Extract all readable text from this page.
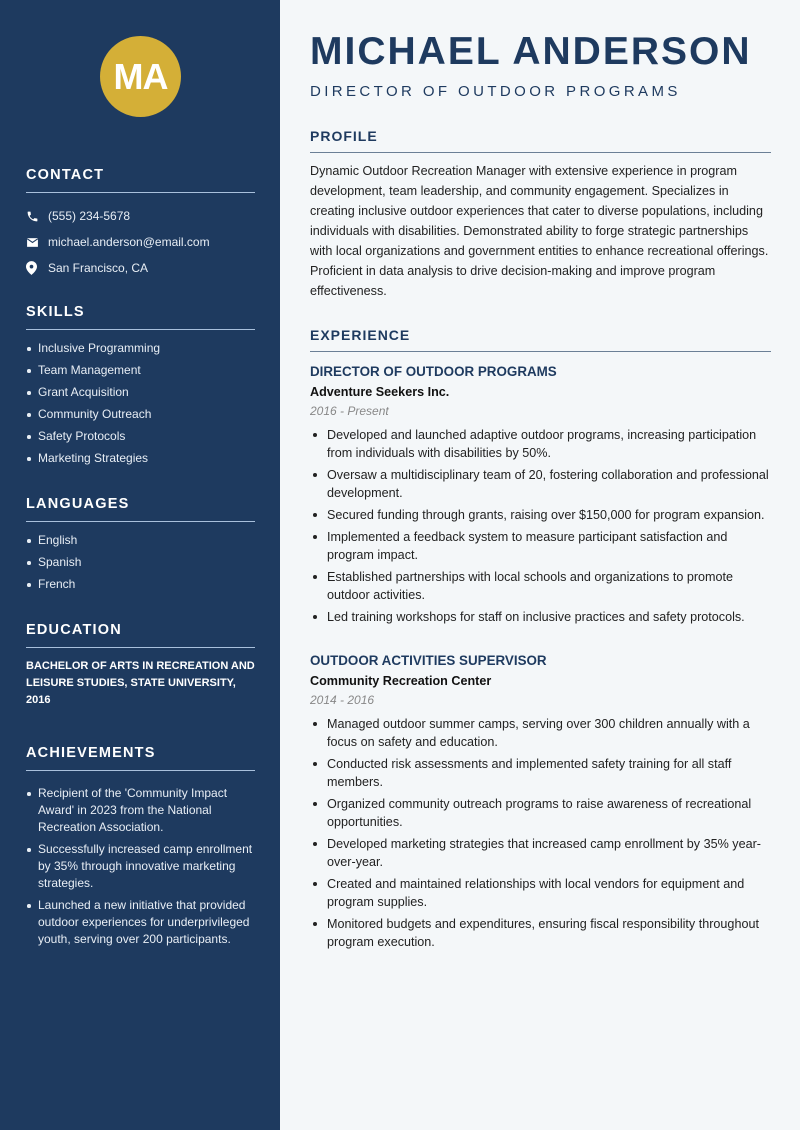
MA
CONTACT
(555) 234-5678
michael.anderson@email.com
San Francisco, CA
SKILLS
Inclusive Programming
Team Management
Grant Acquisition
Community Outreach
Safety Protocols
Marketing Strategies
LANGUAGES
English
Spanish
French
EDUCATION

BACHELOR OF ARTS IN RECREATION AND LEISURE STUDIES, STATE UNIVERSITY, 2016

ACHIEVEMENTS
Recipient of the 'Community Impact Award' in 2023 from the National Recreation Association.
Successfully increased camp enrollment by 35% through innovative marketing strategies.
Launched a new initiative that provided outdoor experiences for underprivileged youth, serving over 200 participants.
MICHAEL ANDERSON
DIRECTOR OF OUTDOOR PROGRAMS
PROFILE

Dynamic Outdoor Recreation Manager with extensive experience in program development, team leadership, and community engagement. Specializes in creating inclusive outdoor experiences that cater to diverse populations, including individuals with disabilities. Demonstrated ability to forge strategic partnerships with local organizations and government entities to enhance recreational offerings. Proficient in data analysis to drive decision-making and improve program effectiveness.

EXPERIENCE
DIRECTOR OF OUTDOOR PROGRAMS
Adventure Seekers Inc.
2016 - Present
Developed and launched adaptive outdoor programs, increasing participation from individuals with disabilities by 50%.
Oversaw a multidisciplinary team of 20, fostering collaboration and professional development.
Secured funding through grants, raising over $150,000 for program expansion.
Implemented a feedback system to measure participant satisfaction and program impact.
Established partnerships with local schools and organizations to promote outdoor activities.
Led training workshops for staff on inclusive practices and safety protocols.
OUTDOOR ACTIVITIES SUPERVISOR
Community Recreation Center
2014 - 2016
Managed outdoor summer camps, serving over 300 children annually with a focus on safety and education.
Conducted risk assessments and implemented safety training for all staff members.
Organized community outreach programs to raise awareness of recreational opportunities.
Developed marketing strategies that increased camp enrollment by 35% year-over-year.
Created and maintained relationships with local vendors for equipment and program supplies.
Monitored budgets and expenditures, ensuring fiscal responsibility throughout program execution.
